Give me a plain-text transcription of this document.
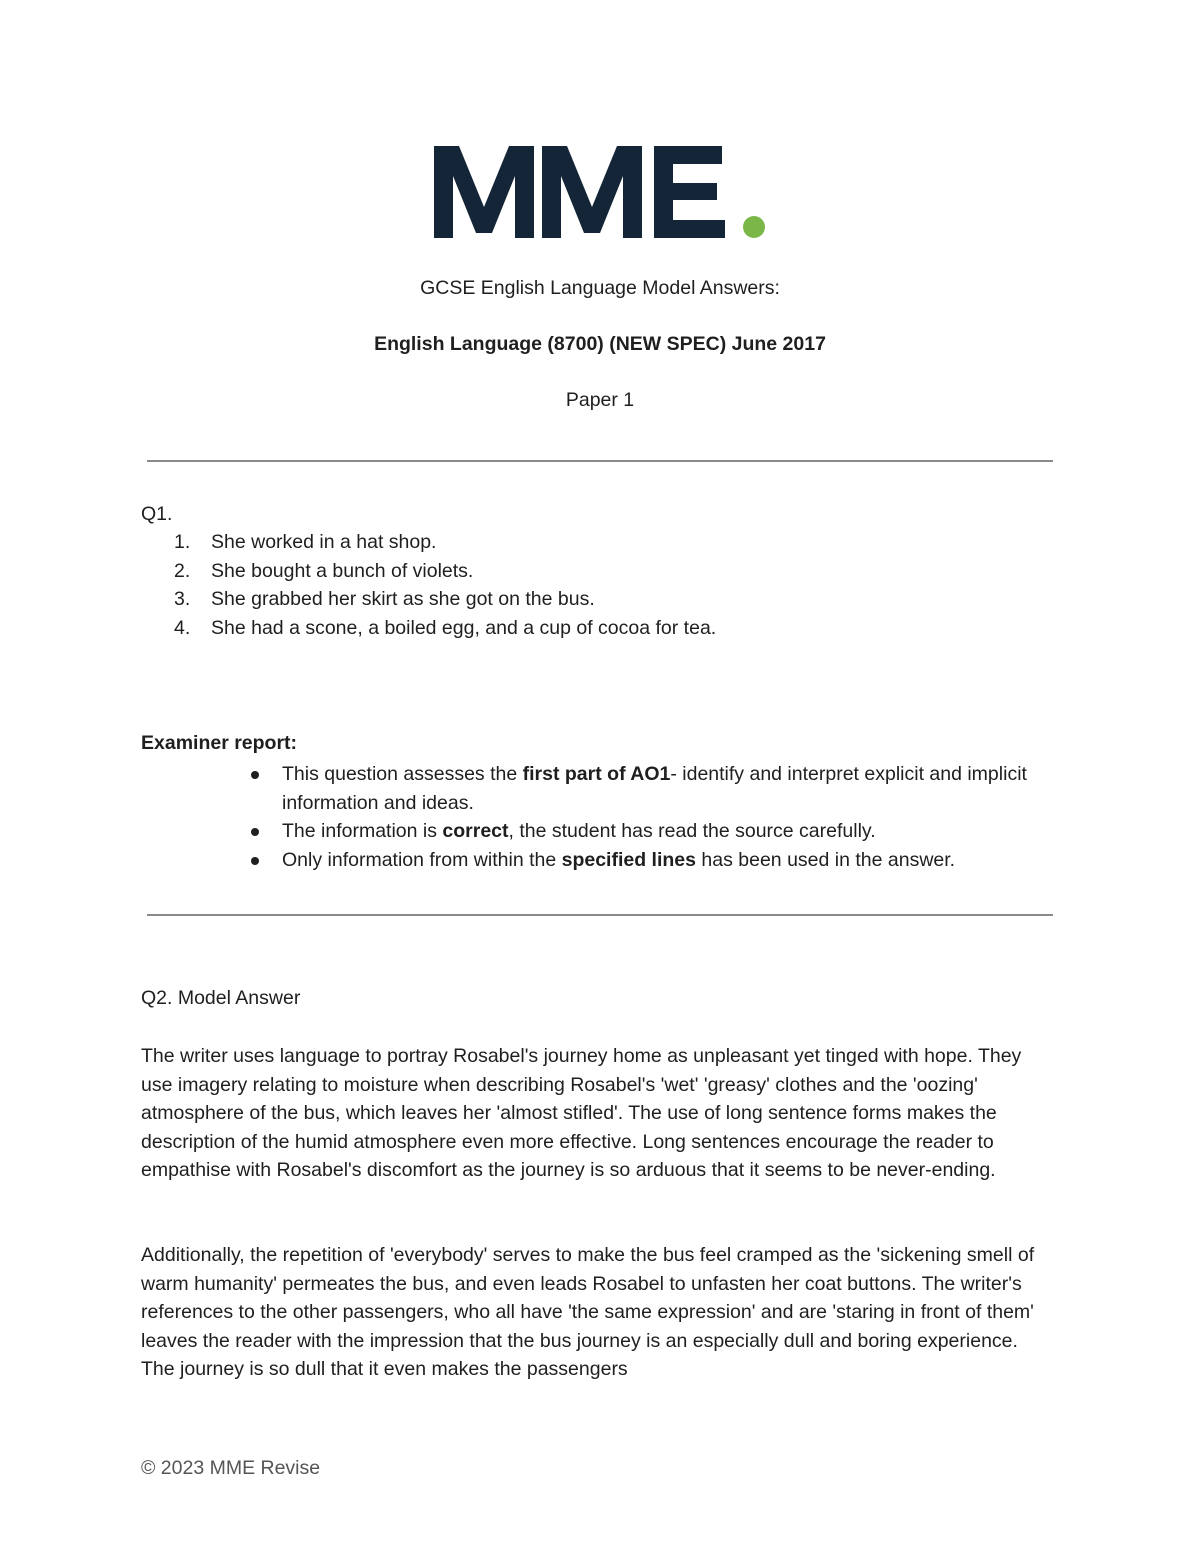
GCSE English Language Model Answers:
English Language (8700) (NEW SPEC) June 2017
Paper 1
Q1.
1. She worked in a hat shop.
2. She bought a bunch of violets.
3. She grabbed her skirt as she got on the bus.
4. She had a scone, a boiled egg, and a cup of cocoa for tea.
Examiner report:
This question assesses the first part of AO1- identify and interpret explicit and implicit information and ideas.
The information is correct, the student has read the source carefully.
Only information from within the specified lines has been used in the answer.
Q2. Model Answer

The writer uses language to portray Rosabel's journey home as unpleasant yet tinged with hope. They use imagery relating to moisture when describing Rosabel's 'wet' 'greasy' clothes and the 'oozing' atmosphere of the bus, which leaves her 'almost stifled'. The use of long sentence forms makes the description of the humid atmosphere even more effective. Long sentences encourage the reader to empathise with Rosabel's discomfort as the journey is so arduous that it seems to be never-ending.

Additionally, the repetition of 'everybody' serves to make the bus feel cramped as the 'sickening smell of warm humanity' permeates the bus, and even leads Rosabel to unfasten her coat buttons. The writer's references to the other passengers, who all have 'the same expression' and are 'staring in front of them' leaves the reader with the impression that the bus journey is an especially dull and boring experience. The journey is so dull that it even makes the passengers

© 2023 MME Revise
